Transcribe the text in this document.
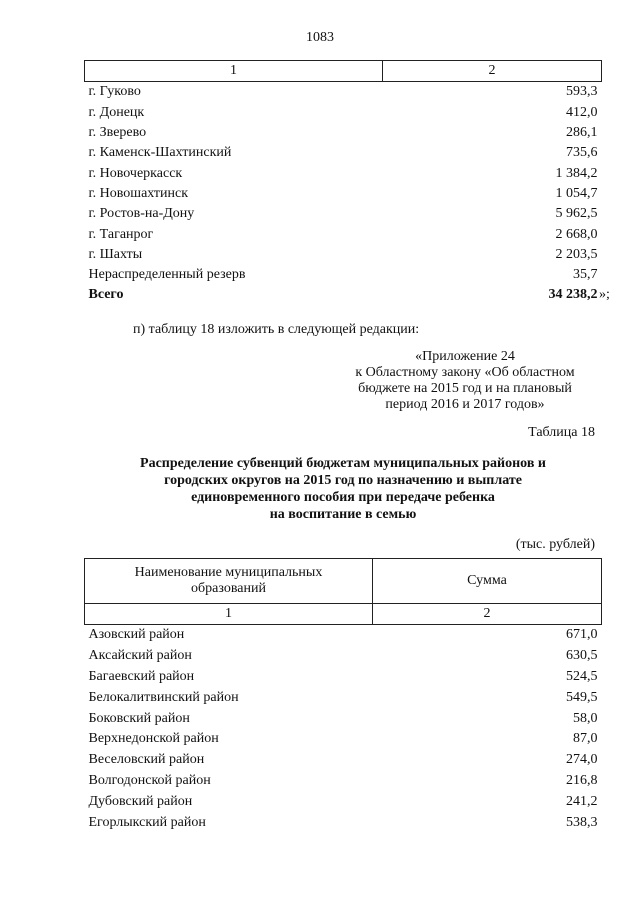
1083
1	2
г. Гуково	593,3
г. Донецк	412,0
г. Зверево	286,1
г. Каменск-Шахтинский	735,6
г. Новочеркасск	1 384,2
г. Новошахтинск	1 054,7
г. Ростов-на-Дону	5 962,5
г. Таганрог	2 668,0
г. Шахты	2 203,5
Нераспределенный резерв	35,7
Всего	34 238,2 »;
п) таблицу 18 изложить в следующей редакции:
«Приложение 24
к Областному закону «Об областном
бюджете на 2015 год и на плановый
период 2016 и 2017 годов»
Таблица 18
Распределение субвенций бюджетам муниципальных районов и
городских округов на 2015 год по назначению и выплате
единовременного пособия при передаче ребенка
на воспитание в семью
(тыс. рублей)
Наименование муниципальных образований	Сумма
1	2
Азовский район	671,0
Аксайский район	630,5
Багаевский район	524,5
Белокалитвинский район	549,5
Боковский район	58,0
Верхнедонской район	87,0
Веселовский район	274,0
Волгодонской район	216,8
Дубовский район	241,2
Егорлыкский район	538,3
